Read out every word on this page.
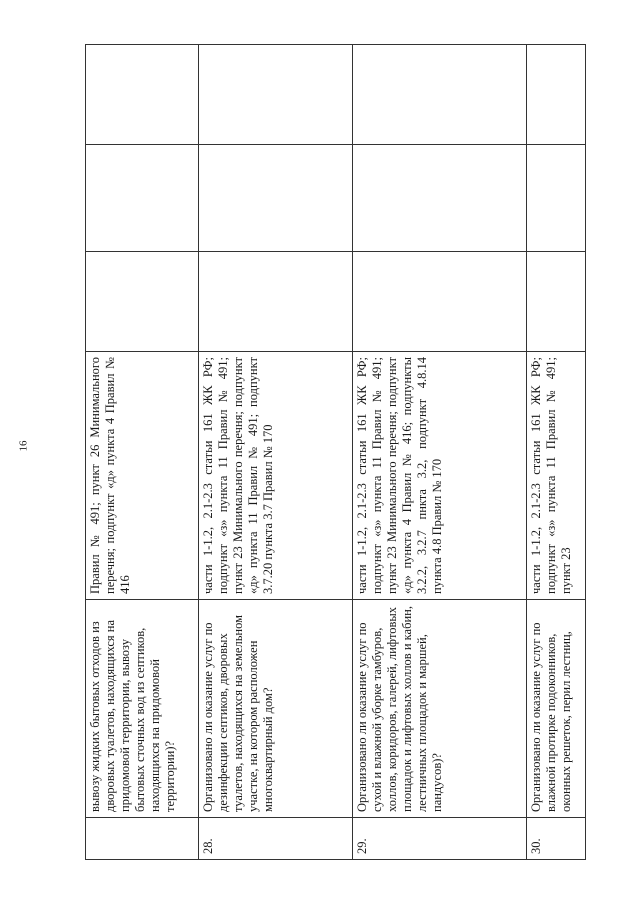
16
	вывозу жидких бытовых отходов из дворовых туалетов, находящихся на придомовой территории, вывозу бытовых сточных вод из септиков, находящихся на придомовой территории)?	Правил № 491; пункт 26 Минимального перечня; подпункт «д» пункта 4 Правил № 416			
28.	Организовано ли оказание услуг по дезинфекции септиков, дворовых туалетов, находящихся на земельном участке, на котором расположен многоквартирный дом?	части 1-1.2, 2.1-2.3 статьи 161 ЖК РФ; подпункт «з» пункта 11 Правил № 491; пункт 23 Минимального перечня; подпункт «д» пункта 11 Правил № 491; подпункт 3.7.20 пункта 3.7 Правил № 170			
29.	Организовано ли оказание услуг по сухой и влажной уборке тамбуров, холлов, коридоров, галерей, лифтовых площадок и лифтовых холлов и кабин, лестничных площадок и маршей, пандусов)?	части 1-1.2, 2.1-2.3 статьи 161 ЖК РФ; подпункт «з» пункта 11 Правил № 491; пункт 23 Минимального перечня; подпункт «д» пункта 4 Правил № 416; подпункты 3.2.2, 3.2.7 пнкта 3.2, подпункт 4.8.14 пункта 4.8 Правил № 170			
30.	Организовано ли оказание услуг по влажной протирке подоконников, оконных решеток, перил лестниц,	части 1-1.2, 2.1-2.3 статьи 161 ЖК РФ; подпункт «з» пункта 11 Правил № 491; пункт 23			
